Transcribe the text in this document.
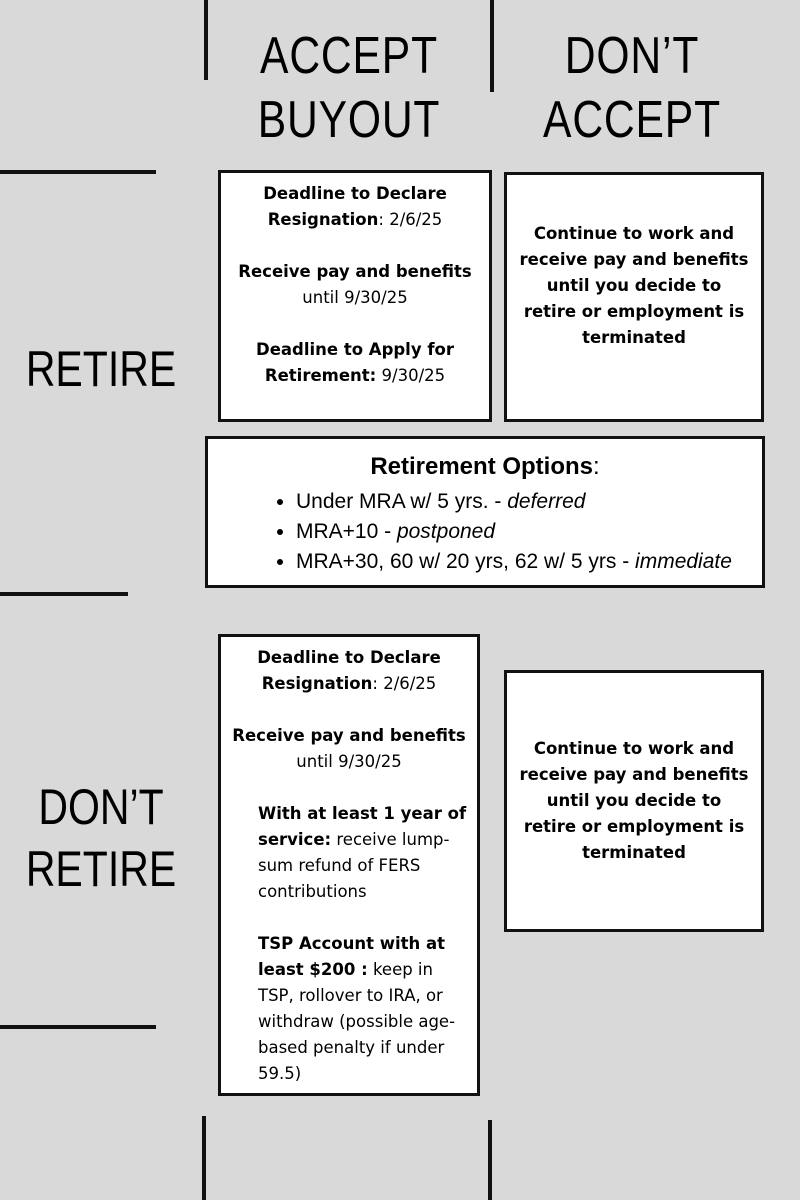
ACCEPT
BUYOUT
DON’T
ACCEPT
RETIRE
DON’T
RETIRE

Deadline to Declare Resignation: 2/6/25

Receive pay and benefits
until 9/30/25

Deadline to Apply for Retirement: 9/30/25

Continue to work and receive pay and benefits until you decide to retire or employment is terminated
Retirement Options:
• Under MRA w/ 5 yrs. - deferred
• MRA+10 - postponed
• MRA+30, 60 w/ 20 yrs, 62 w/ 5 yrs - immediate

Deadline to Declare Resignation: 2/6/25

Receive pay and benefits
until 9/30/25

With at least 1 year of service: receive lump-sum refund of FERS contributions

TSP Account with at least $200 : keep in TSP, rollover to IRA, or withdraw (possible age-based penalty if under 59.5)

Continue to work and receive pay and benefits until you decide to retire or employment is terminated
